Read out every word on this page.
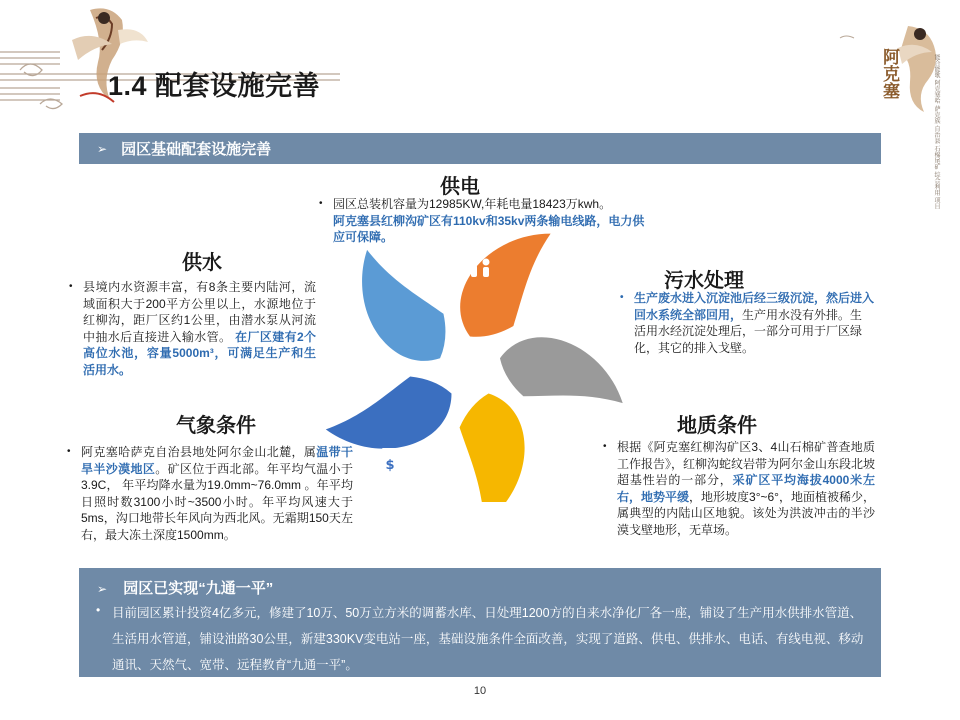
阿克塞	能合能歌 阿克塞哈 萨克族 自治县 石棉尾矿 综合利用 项目
1.4 配套设施完善
➢ 园区基础配套设施完善
$
供电
• 园区总装机容量为12985KW,年耗电量18423万kwh。
阿克塞县红柳沟矿区有110kv和35kv两条输电线路，电力供应可保障。
供水
• 县境内水资源丰富，有8条主要内陆河，流域面积大于200平方公里以上，水源地位于红柳沟，距厂区约1公里，由潜水泵从河流中抽水后直接进入输水管。 在厂区建有2个高位水池，容量5000m³，可满足生产和生活用水。
污水处理
• 生产废水进入沉淀池后经三级沉淀，然后进入回水系统全部回用，生产用水没有外排。生活用水经沉淀处理后，一部分可用于厂区绿化，其它的排入戈壁。
气象条件
• 阿克塞哈萨克自治县地处阿尔金山北麓，属温带干旱半沙漠地区。矿区位于西北部。年平均气温小于3.9C， 年平均降水量为19.0mm~76.0mm 。年平均日照时数3100小时~3500小时。年平均风速大于5ms，沟口地带长年风向为西北风。无霜期150天左右，最大冻土深度1500mm。
地质条件
• 根据《阿克塞红柳沟矿区3、4山石棉矿普查地质工作报告》，红柳沟蛇纹岩带为阿尔金山东段北坡超基性岩的一部分，采矿区平均海拔4000米左右，地势平缓，地形坡度3°~6°，地面植被稀少， 属典型的内陆山区地貌。该处为洪波冲击的半沙漠戈壁地形，无草场。
➢ 园区已实现“九通一平”
• 目前园区累计投资4亿多元，修建了10万、50万立方米的调蓄水库、日处理1200方的自来水净化厂各一座，铺设了生产用水供排水管道、生活用水管道，铺设油路30公里，新建330KV变电站一座，基础设施条件全面改善，实现了道路、供电、供排水、电话、有线电视、移动通讯、天然气、宽带、远程教育“九通一平”。
10
